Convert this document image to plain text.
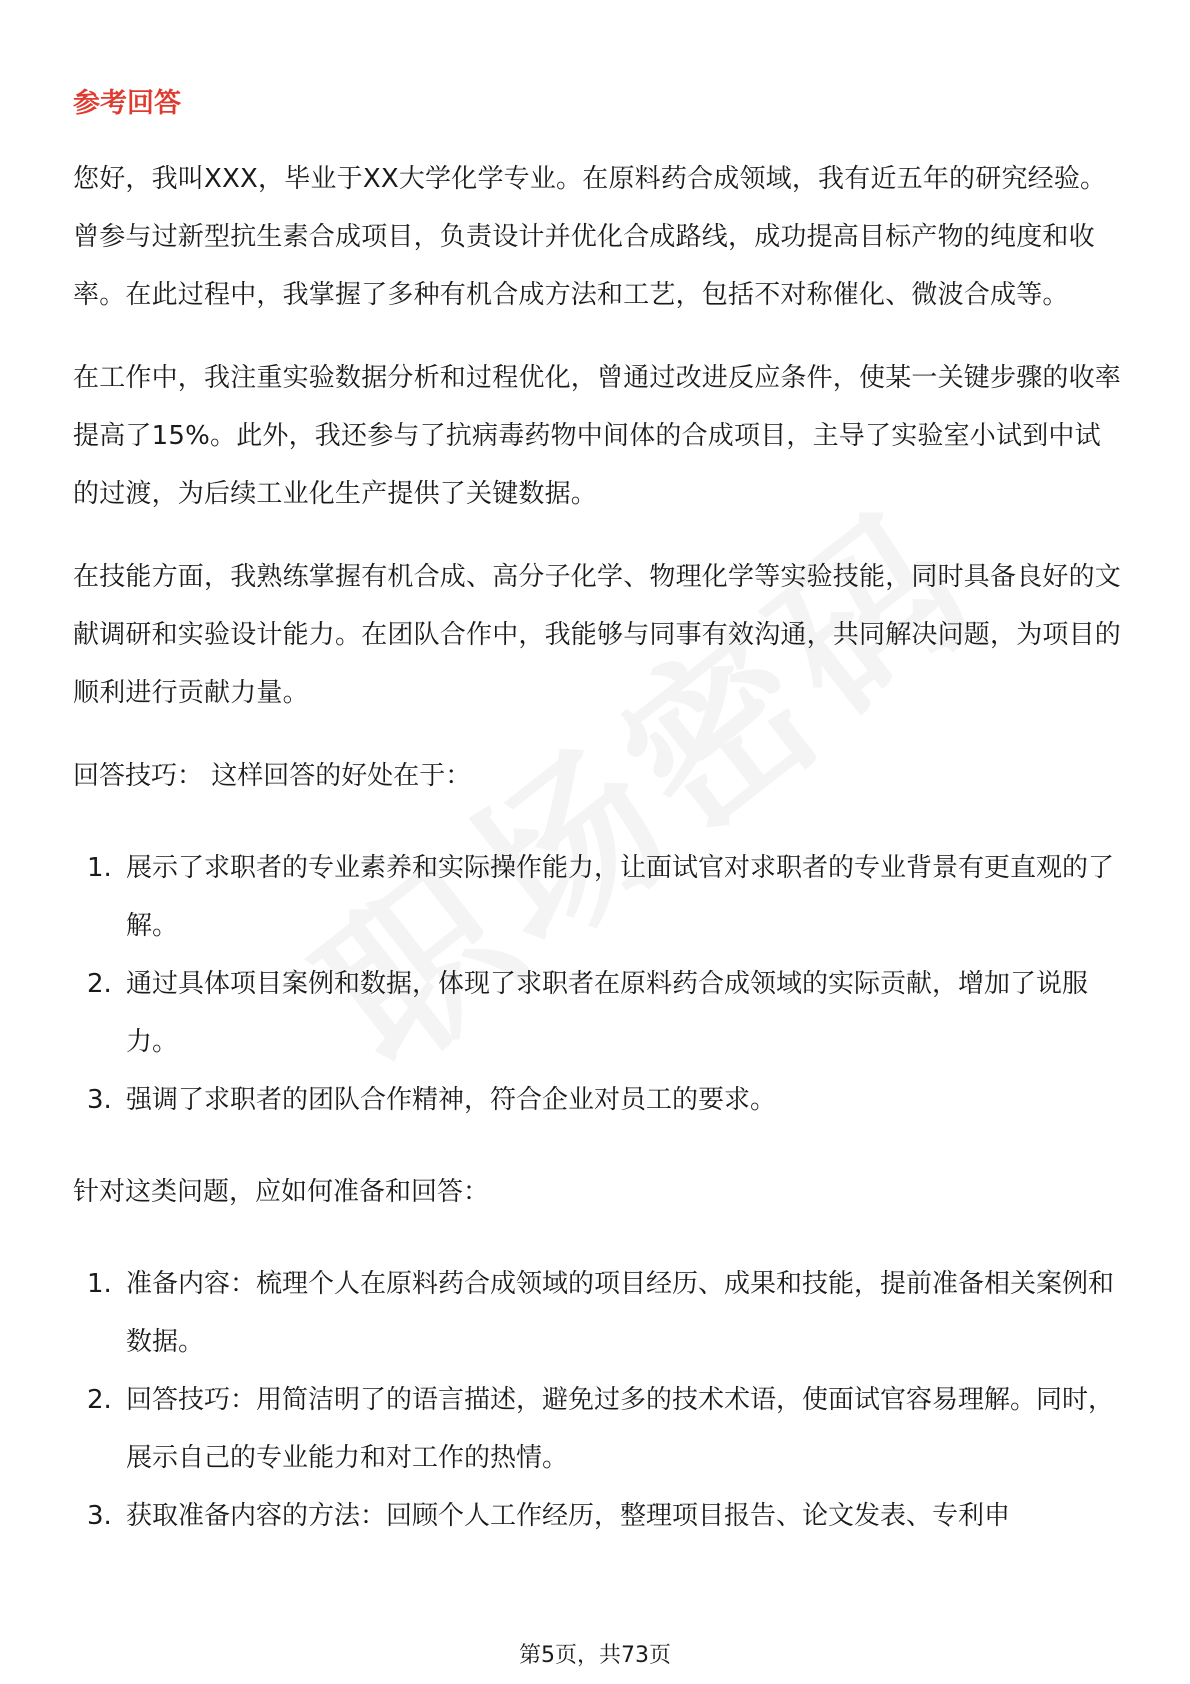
参考回答

您好，我叫XXX，毕业于XX大学化学专业。在原料药合成领域，我有近五年的研究经验。曾参与过新型抗生素合成项目，负责设计并优化合成路线，成功提高目标产物的纯度和收率。在此过程中，我掌握了多种有机合成方法和工艺，包括不对称催化、微波合成等。

在工作中，我注重实验数据分析和过程优化，曾通过改进反应条件，使某一关键步骤的收率提高了15%。此外，我还参与了抗病毒药物中间体的合成项目，主导了实验室小试到中试的过渡，为后续工业化生产提供了关键数据。

在技能方面，我熟练掌握有机合成、高分子化学、物理化学等实验技能，同时具备良好的文献调研和实验设计能力。在团队合作中，我能够与同事有效沟通，共同解决问题，为项目的顺利进行贡献力量。

回答技巧： 这样回答的好处在于：

1. 展示了求职者的专业素养和实际操作能力，让面试官对求职者的专业背景有更直观的了解。
2. 通过具体项目案例和数据，体现了求职者在原料药合成领域的实际贡献，增加了说服力。
3. 强调了求职者的团队合作精神，符合企业对员工的要求。

针对这类问题，应如何准备和回答：

1. 准备内容：梳理个人在原料药合成领域的项目经历、成果和技能，提前准备相关案例和数据。
2. 回答技巧：用简洁明了的语言描述，避免过多的技术术语，使面试官容易理解。同时，展示自己的专业能力和对工作的热情。
3. 获取准备内容的方法：回顾个人工作经历，整理项目报告、论文发表、专利申
第5页，共73页
